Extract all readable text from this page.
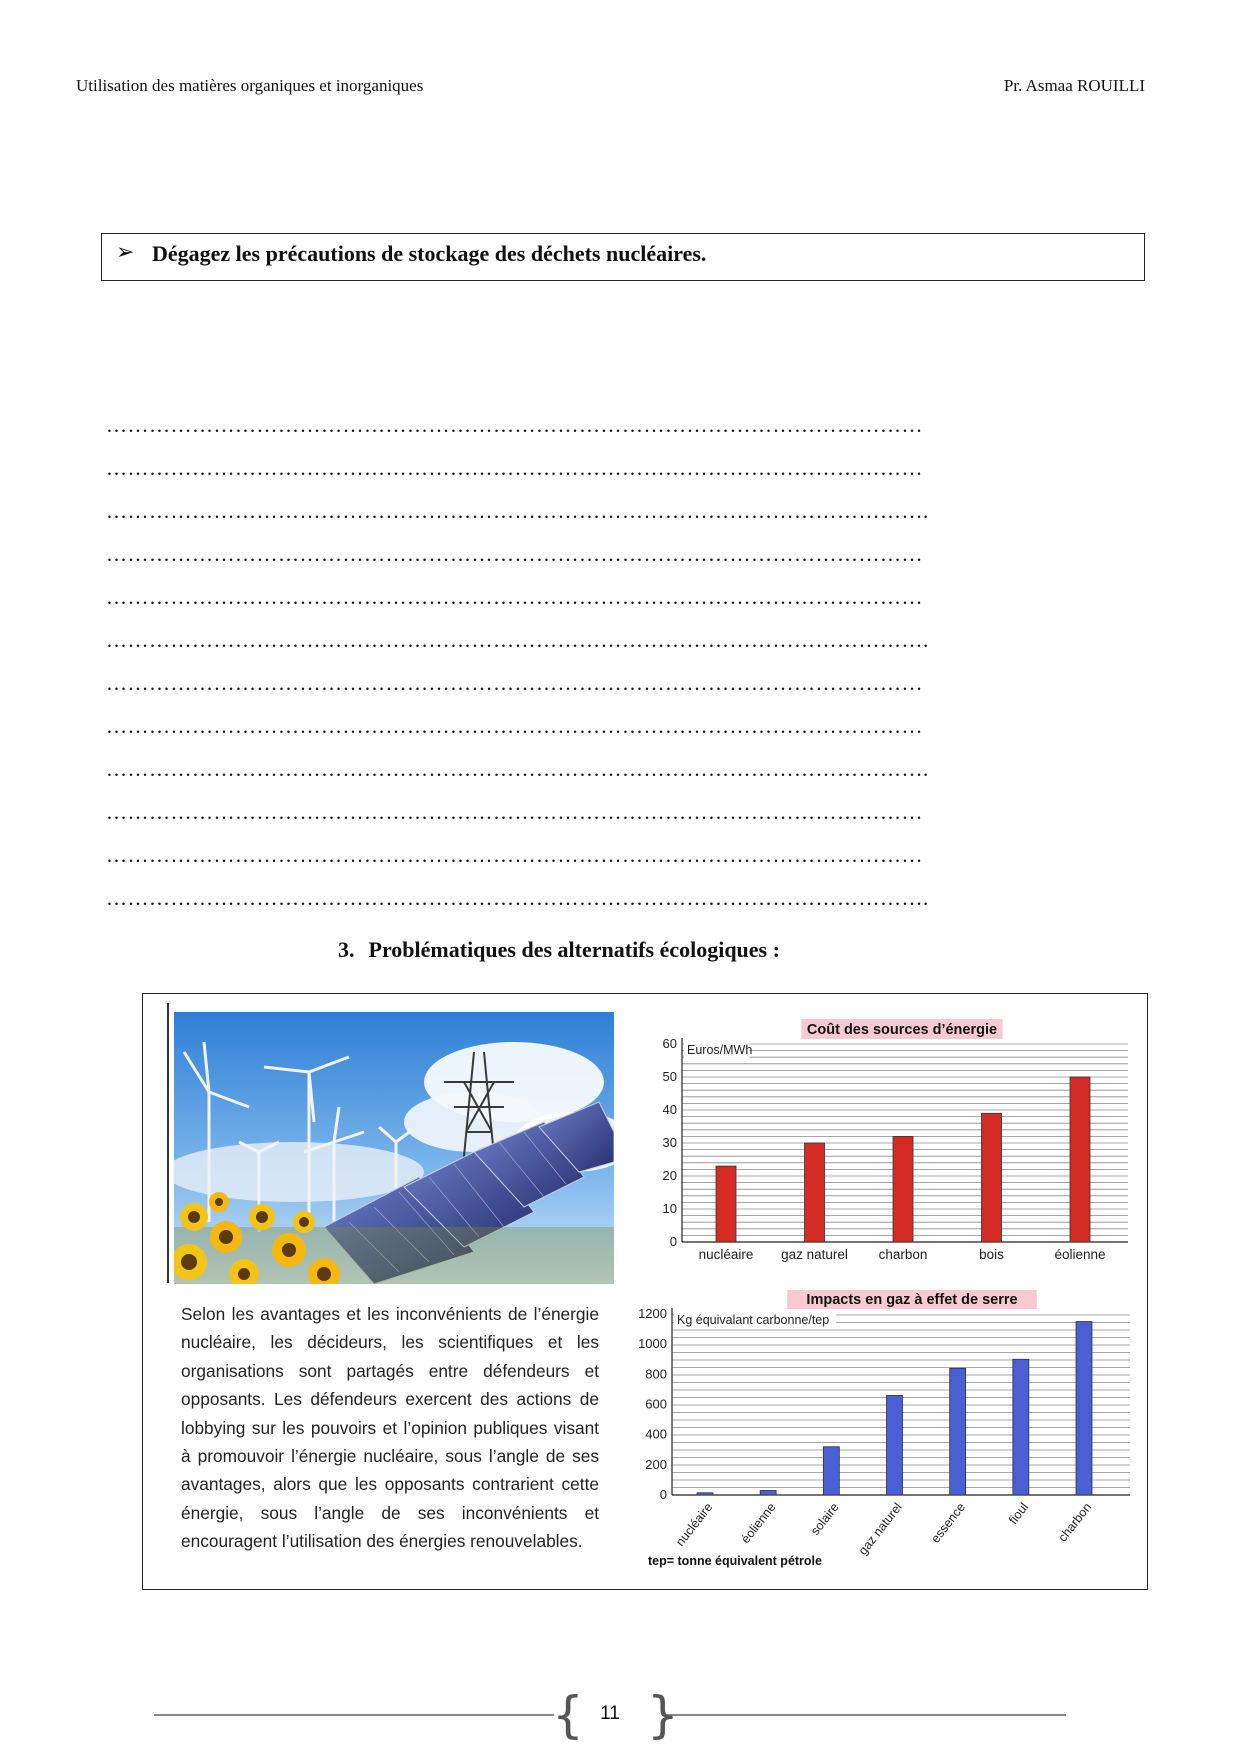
Utilisation des matières organiques et inorganiques	Pr. Asmaa ROUILLI
➢ Dégagez les précautions de stockage des déchets nucléaires.
……………………………………………………………………………………………………
……………………………………………………………………………………………………
…………………………………………………………………………………………………….
……………………………………………………………………………………………………
……………………………………………………………………………………………………
…………………………………………………………………………………………………….
……………………………………………………………………………………………………
……………………………………………………………………………………………………
…………………………………………………………………………………………………….
……………………………………………………………………………………………………
……………………………………………………………………………………………………
…………………………………………………………………………………………………….
3. Problématiques des alternatifs écologiques :
Selon les avantages et les inconvénients de l’énergie nucléaire, les décideurs, les scientifiques et les organisations sont partagés entre défendeurs et opposants. Les défendeurs exercent des actions de lobbying sur les pouvoirs et l’opinion publiques visant à promouvoir l’énergie nucléaire, sous l’angle de ses avantages, alors que les opposants contrarient cette énergie, sous l’angle de ses inconvénients et encouragent l’utilisation des énergies renouvelables.
Coût des sources d’énergie
Euros/MWh
0
10
20
30
40
50
60
nucléaire gaz naturel charbon	bois	éolienne
Impacts en gaz à effet de serre
Kg équivalant carbonne/tep
0
200
400
600
800
1000
1200
nucléaire éolienne solaire gaz naturel essence	fioul charbon
tep= tonne équivalent pétrole
{ }
11
